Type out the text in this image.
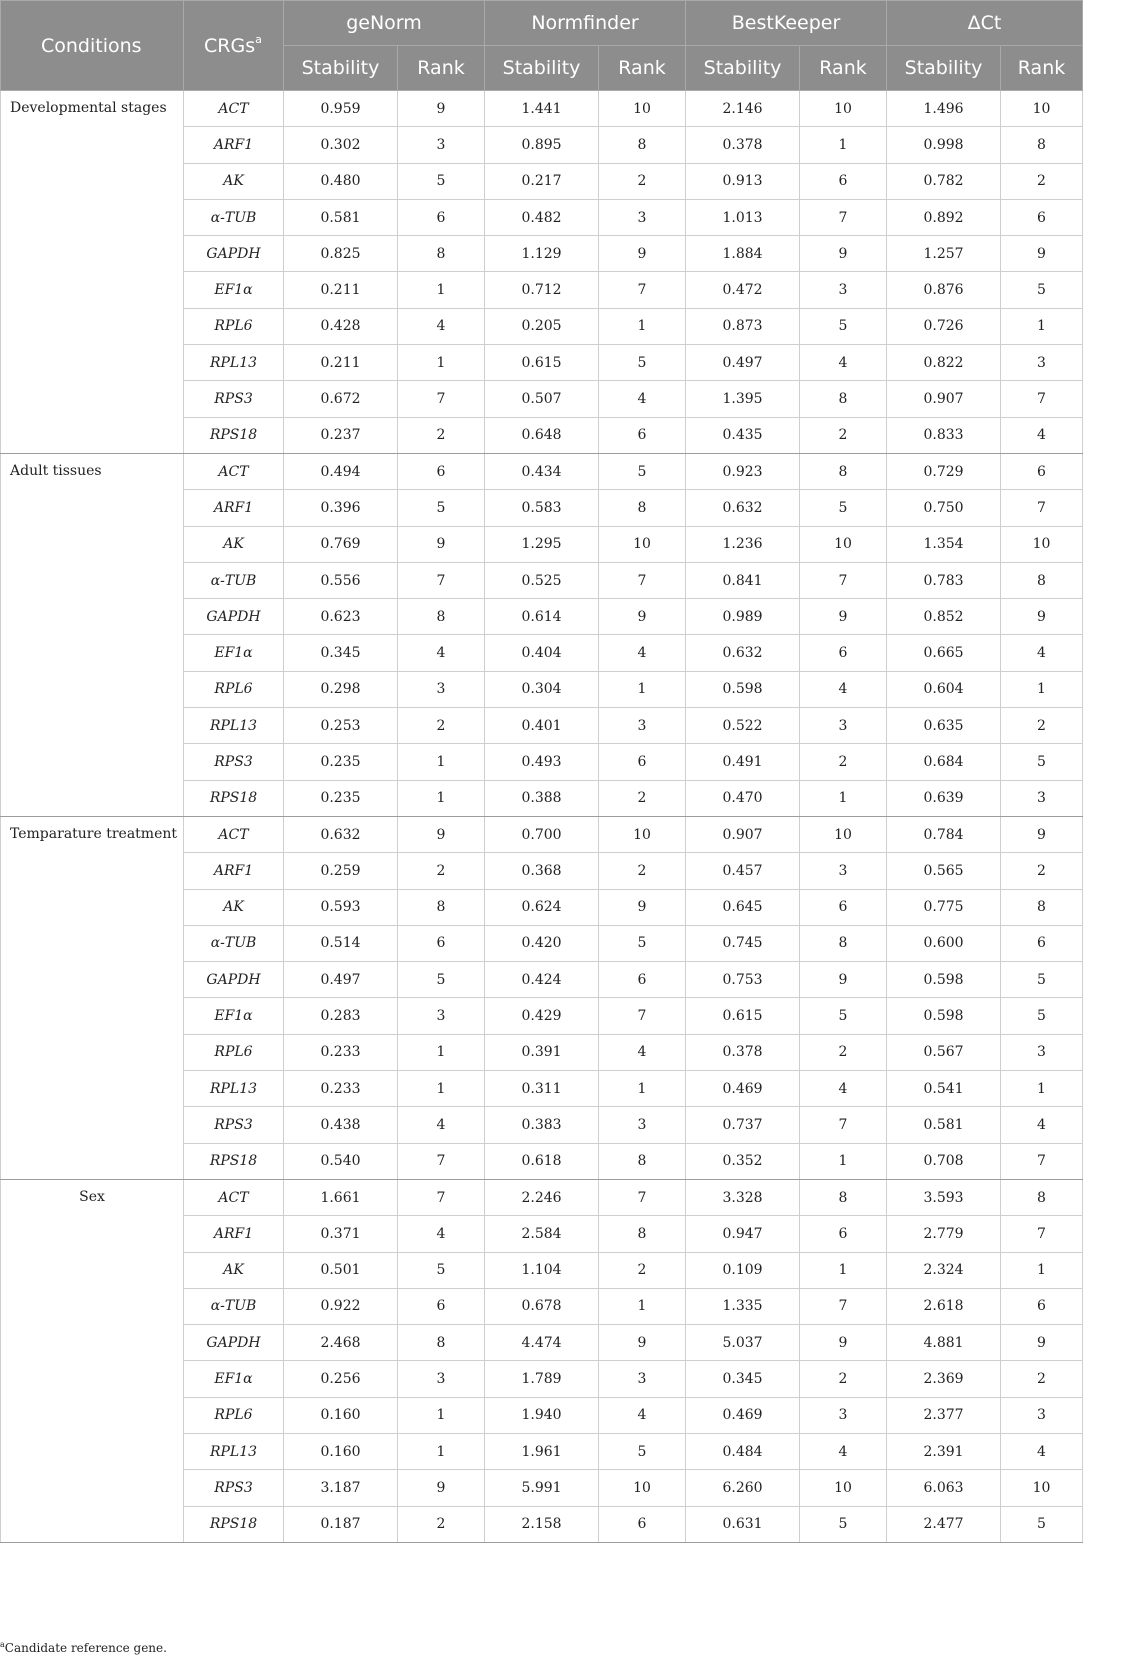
Conditions	CRGs$^a$	geNorm		Normfinder		BestKeeper		ΔCt	
		Stability	Rank	Stability	Rank	Stability	Rank	Stability	Rank
Developmental stages	ACT	0.959	9	1.441	10	2.146	10	1.496	10
	ARF1	0.302	3	0.895	8	0.378	1	0.998	8
	AK	0.480	5	0.217	2	0.913	6	0.782	2
	α-TUB	0.581	6	0.482	3	1.013	7	0.892	6
	GAPDH	0.825	8	1.129	9	1.884	9	1.257	9
	EF1α	0.211	1	0.712	7	0.472	3	0.876	5
	RPL6	0.428	4	0.205	1	0.873	5	0.726	1
	RPL13	0.211	1	0.615	5	0.497	4	0.822	3
	RPS3	0.672	7	0.507	4	1.395	8	0.907	7
	RPS18	0.237	2	0.648	6	0.435	2	0.833	4
Adult tissues	ACT	0.494	6	0.434	5	0.923	8	0.729	6
	ARF1	0.396	5	0.583	8	0.632	5	0.750	7
	AK	0.769	9	1.295	10	1.236	10	1.354	10
	α-TUB	0.556	7	0.525	7	0.841	7	0.783	8
	GAPDH	0.623	8	0.614	9	0.989	9	0.852	9
	EF1α	0.345	4	0.404	4	0.632	6	0.665	4
	RPL6	0.298	3	0.304	1	0.598	4	0.604	1
	RPL13	0.253	2	0.401	3	0.522	3	0.635	2
	RPS3	0.235	1	0.493	6	0.491	2	0.684	5
	RPS18	0.235	1	0.388	2	0.470	1	0.639	3
Temparature treatment	ACT	0.632	9	0.700	10	0.907	10	0.784	9
	ARF1	0.259	2	0.368	2	0.457	3	0.565	2
	AK	0.593	8	0.624	9	0.645	6	0.775	8
	α-TUB	0.514	6	0.420	5	0.745	8	0.600	6
	GAPDH	0.497	5	0.424	6	0.753	9	0.598	5
	EF1α	0.283	3	0.429	7	0.615	5	0.598	5
	RPL6	0.233	1	0.391	4	0.378	2	0.567	3
	RPL13	0.233	1	0.311	1	0.469	4	0.541	1
	RPS3	0.438	4	0.383	3	0.737	7	0.581	4
	RPS18	0.540	7	0.618	8	0.352	1	0.708	7
Sex	ACT	1.661	7	2.246	7	3.328	8	3.593	8
	ARF1	0.371	4	2.584	8	0.947	6	2.779	7
	AK	0.501	5	1.104	2	0.109	1	2.324	1
	α-TUB	0.922	6	0.678	1	1.335	7	2.618	6
	GAPDH	2.468	8	4.474	9	5.037	9	4.881	9
	EF1α	0.256	3	1.789	3	0.345	2	2.369	2
	RPL6	0.160	1	1.940	4	0.469	3	2.377	3
	RPL13	0.160	1	1.961	5	0.484	4	2.391	4
	RPS3	3.187	9	5.991	10	6.260	10	6.063	10
	RPS18	0.187	2	2.158	6	0.631	5	2.477	5
$^a$Candidate reference gene.
